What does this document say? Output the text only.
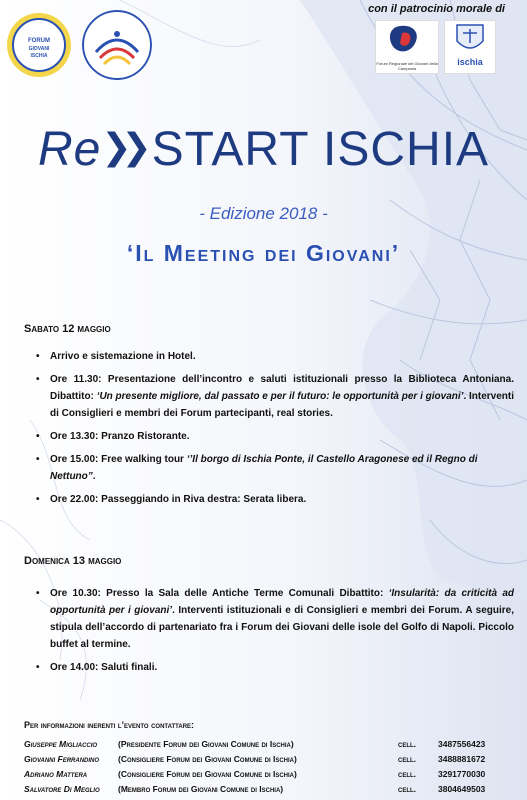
con il patrocinio morale di
FORUM
GIOVANI
ISCHIA
Forum Regionale dei Giovani della Campania
ischia
Re❯❯ START ISCHIA
- Edizione 2018 -
‘Il Meeting dei Giovani’
Sabato 12 maggio
• Arrivo e sistemazione in Hotel.
• Ore 11.30: Presentazione dell’incontro e saluti istituzionali presso la Biblioteca Antoniana. Dibattito: ‘Un presente migliore, dal passato e per il futuro: le opportunità per i giovani’. Interventi di Consiglieri e membri dei Forum partecipanti, real stories.
• Ore 13.30: Pranzo Ristorante.
• Ore 15.00: Free walking tour ‘’Il borgo di Ischia Ponte, il Castello Aragonese ed il Regno di Nettuno”.
• Ore 22.00: Passeggiando in Riva destra: Serata libera.
Domenica 13 maggio
• Ore 10.30: Presso la Sala delle Antiche Terme Comunali Dibattito: ‘Insularità: da criticità ad opportunità per i giovani’. Interventi istituzionali e di Consiglieri e membri dei Forum. A seguire, stipula dell’accordo di partenariato fra i Forum dei Giovani delle isole del Golfo di Napoli. Piccolo buffet al termine.
• Ore 14.00: Saluti finali.
Per informazioni inerenti l’evento contattare:
Giuseppe Migliaccio	(Presidente Forum dei Giovani Comune di Ischia)	cell.	3487556423
Giovanni Ferrandino	(Consigliere Forum dei Giovani Comune di Ischia)	cell.	3488881672
Adriano Mattera	(Consigliere Forum dei Giovani Comune di Ischia)	cell.	3291770030
Salvatore Di Meglio	(Membro Forum dei Giovani Comune di Ischia)	cell.	3804649503
